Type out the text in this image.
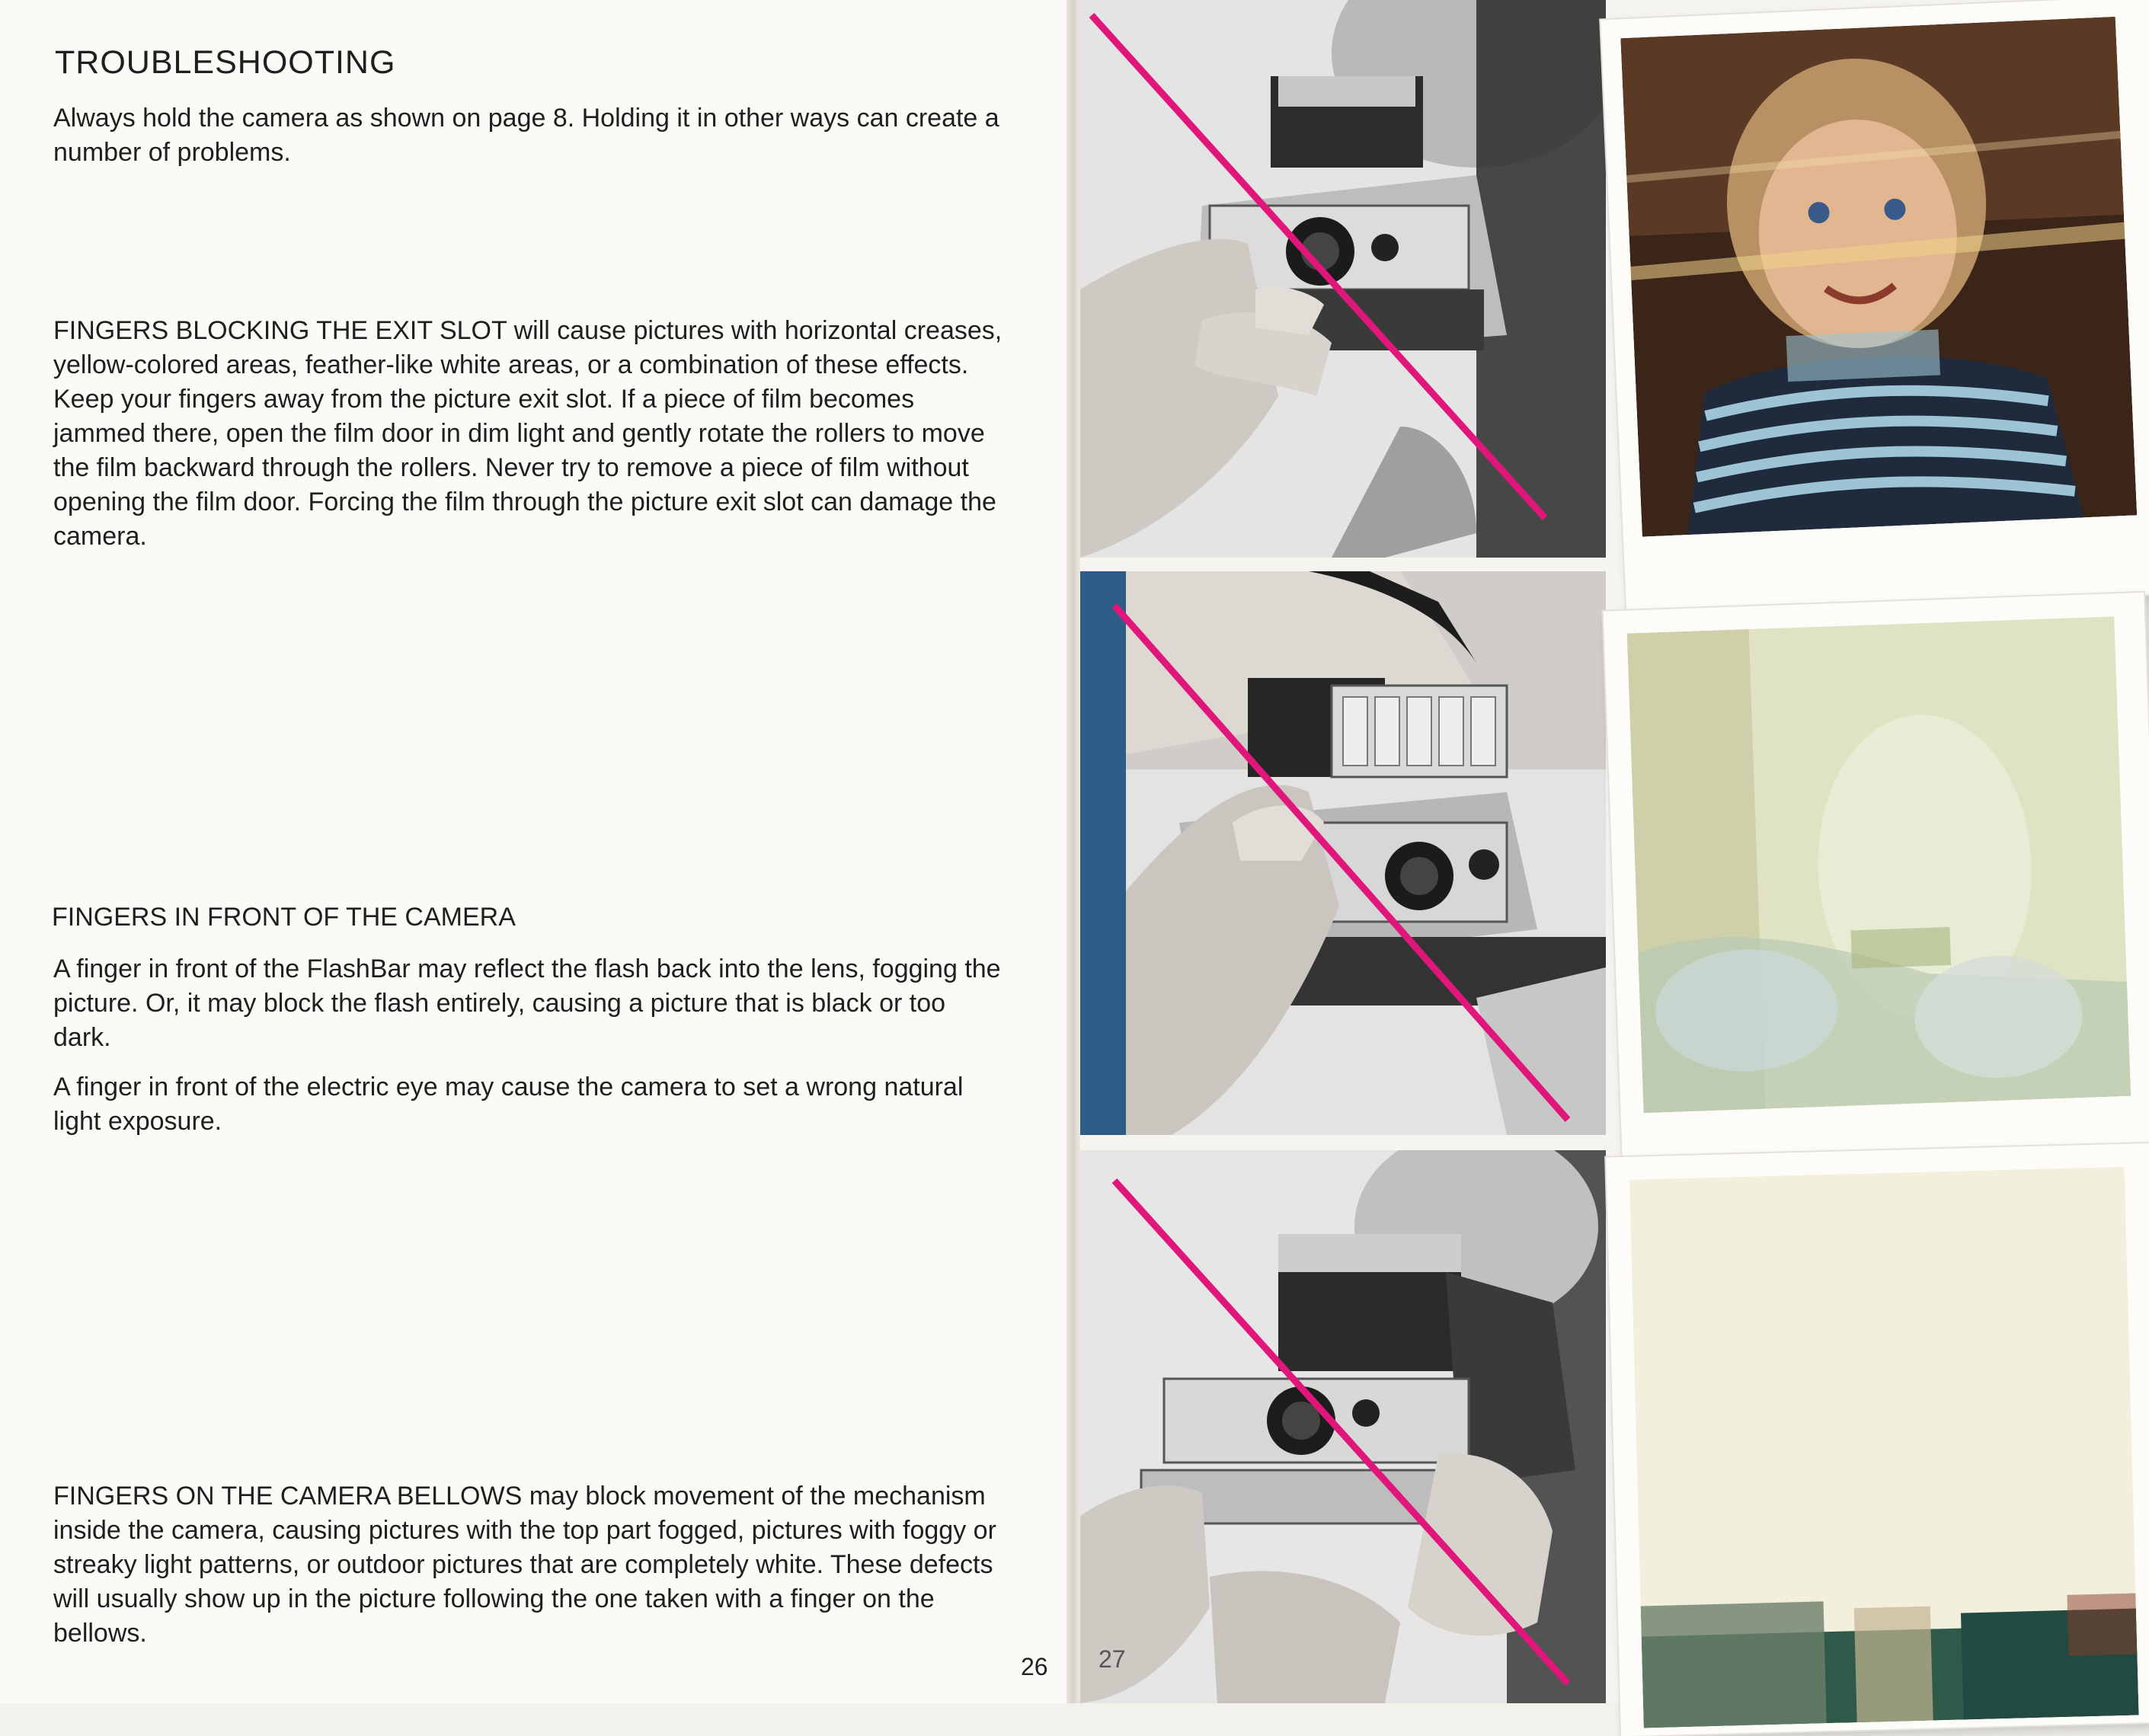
TROUBLESHOOTING

Always hold the camera as shown on page 8. Holding it in other ways can create a number of problems.

FINGERS BLOCKING THE EXIT SLOT will cause pictures with horizontal creases, yellow-colored areas, feather-like white areas, or a combination of these effects. Keep your fingers away from the picture exit slot. If a piece of film becomes jammed there, open the film door in dim light and gently rotate the rollers to move the film backward through the rollers. Never try to remove a piece of film without opening the film door. Forcing the film through the picture exit slot can damage the camera.

FINGERS IN FRONT OF THE CAMERA

A finger in front of the FlashBar may reflect the flash back into the lens, fogging the picture. Or, it may block the flash entirely, causing a picture that is black or too dark.

A finger in front of the electric eye may cause the camera to set a wrong natural light exposure.

FINGERS ON THE CAMERA BELLOWS may block movement of the mechanism inside the camera, causing pictures with the top part fogged, pictures with foggy or streaky light patterns, or outdoor pictures that are completely white. These defects will usually show up in the picture following the one taken with a finger on the bellows.

26 27
